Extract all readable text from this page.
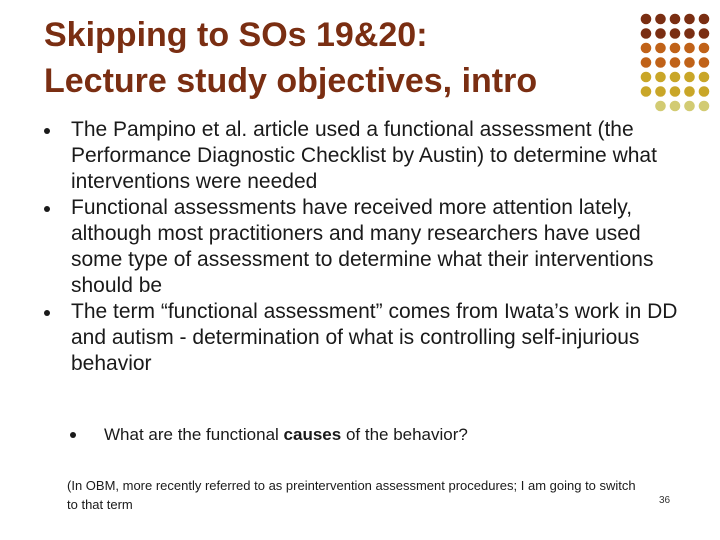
Skipping to SOs 19&20:
Lecture study objectives, intro
The Pampino et al. article used a functional assessment (the Performance Diagnostic Checklist by Austin) to determine what interventions were needed
Functional assessments have received more attention lately, although most practitioners and many researchers have used some type of assessment to determine what their interventions should be
The term “functional assessment” comes from Iwata’s work in DD and autism - determination of what is controlling self-injurious behavior
What are the functional causes of the behavior?

(In OBM, more recently referred to as preintervention assessment procedures; I am going to switch to that term	36
